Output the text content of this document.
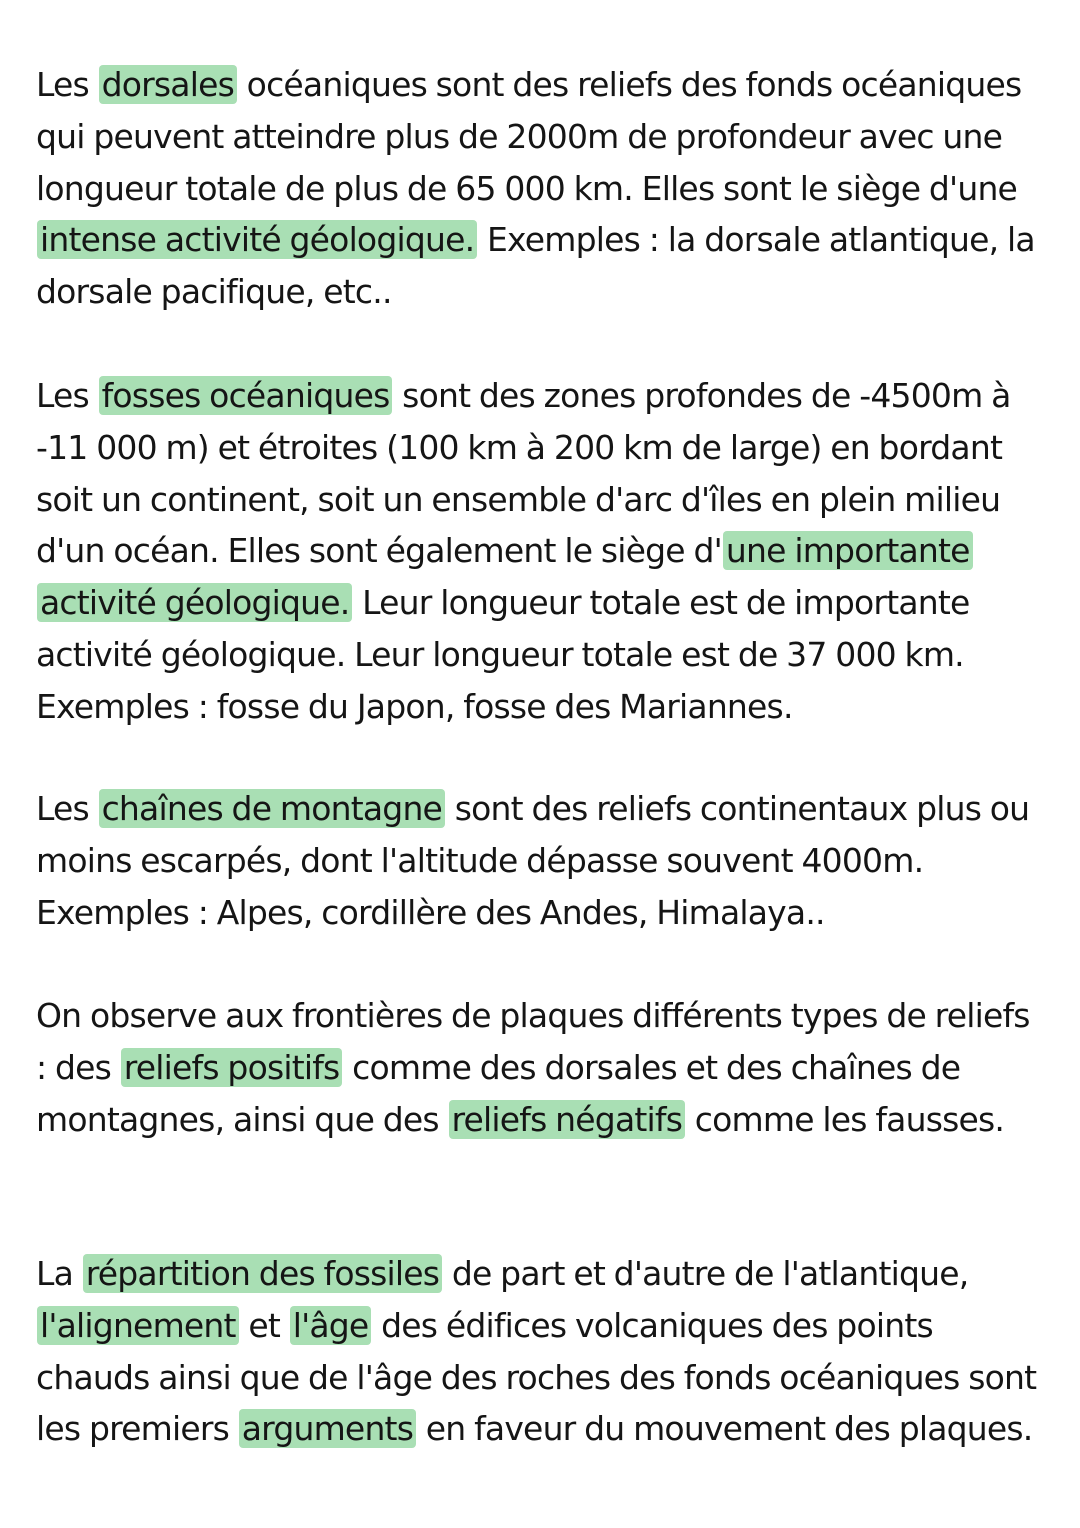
Les dorsales océaniques sont des reliefs des fonds océaniques qui peuvent atteindre plus de 2000m de profondeur avec une longueur totale de plus de 65 000 km. Elles sont le siège d'une intense activité géologique. Exemples : la dorsale atlantique, la dorsale pacifique, etc..

Les fosses océaniques sont des zones profondes de -4500m à -11 000 m) et étroites (100 km à 200 km de large) en bordant soit un continent, soit un ensemble d'arc d'îles en plein milieu d'un océan. Elles sont également le siège d' une importante activité géologique. Leur longueur totale est de importante activité géologique. Leur longueur totale est de 37 000 km. Exemples : fosse du Japon, fosse des Mariannes.

Les chaînes de montagne sont des reliefs continentaux plus ou moins escarpés, dont l'altitude dépasse souvent 4000m. Exemples : Alpes, cordillère des Andes, Himalaya..

On observe aux frontières de plaques différents types de reliefs : des reliefs positifs comme des dorsales et des chaînes de montagnes, ainsi que des reliefs négatifs comme les fausses.

La répartition des fossiles de part et d'autre de l'atlantique, l'alignement et l'âge des édifices volcaniques des points chauds ainsi que de l'âge des roches des fonds océaniques sont les premiers arguments en faveur du mouvement des plaques.
